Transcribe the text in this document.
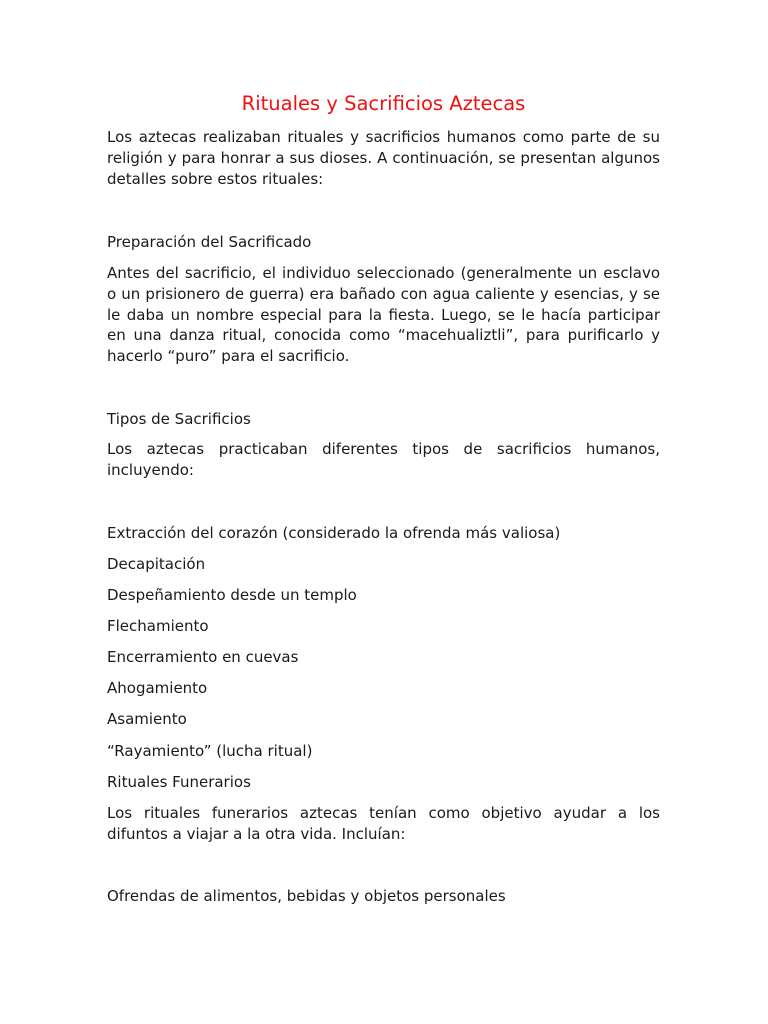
Rituales y Sacrificios Aztecas

Los aztecas realizaban rituales y sacrificios humanos como parte de su religión y para honrar a sus dioses. A continuación, se presentan algunos detalles sobre estos rituales:

Preparación del Sacrificado

Antes del sacrificio, el individuo seleccionado (generalmente un esclavo o un prisionero de guerra) era bañado con agua caliente y esencias, y se le daba un nombre especial para la fiesta. Luego, se le hacía participar en una danza ritual, conocida como “macehualiztli”, para purificarlo y hacerlo “puro” para el sacrificio.

Tipos de Sacrificios

Los aztecas practicaban diferentes tipos de sacrificios humanos, incluyendo:

Extracción del corazón (considerado la ofrenda más valiosa)

Decapitación

Despeñamiento desde un templo

Flechamiento

Encerramiento en cuevas

Ahogamiento

Asamiento

“Rayamiento” (lucha ritual)

Rituales Funerarios

Los rituales funerarios aztecas tenían como objetivo ayudar a los difuntos a viajar a la otra vida. Incluían:

Ofrendas de alimentos, bebidas y objetos personales
